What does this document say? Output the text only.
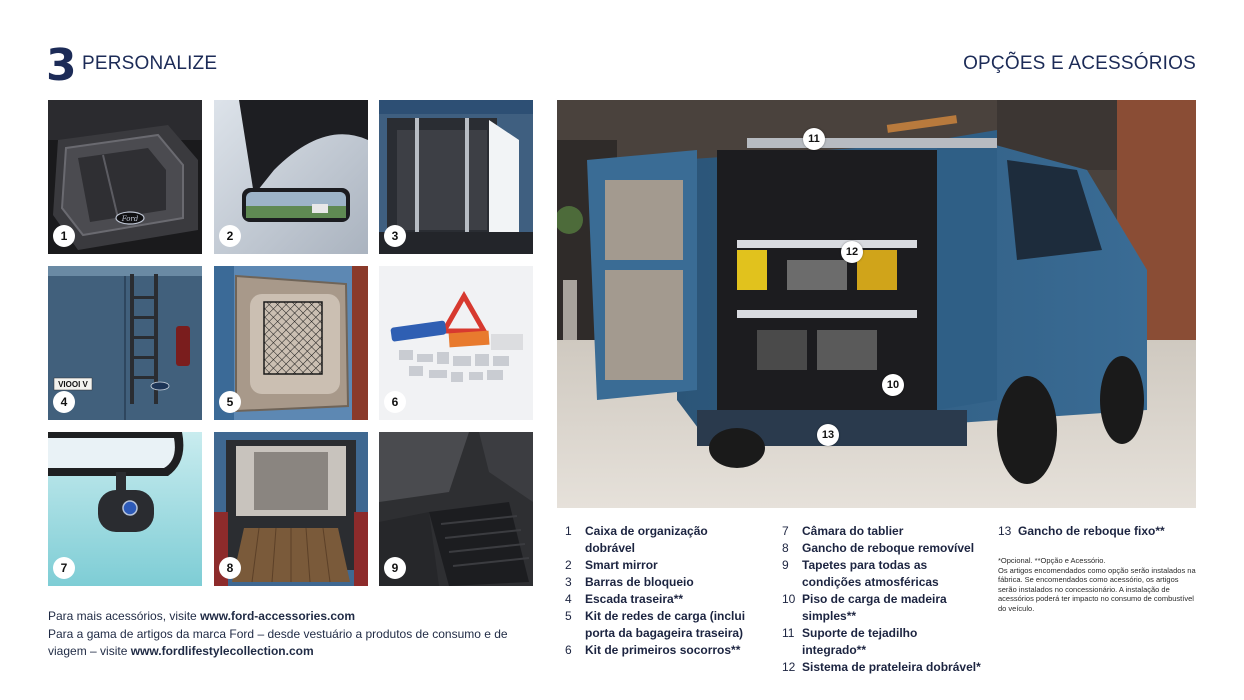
3 PERSONALIZE	OPÇÕES E ACESSÓRIOS
Ford
1	2	3
VIOOI V
4	5	6
7	8	9
11
12
10
13

Para mais acessórios, visite www.ford-accessories.com

Para a gama de artigos da marca Ford – desde vestuário a produtos de consumo e de viagem – visite www.fordlifestylecollection.com

1	Caixa de organização dobrável
2	Smart mirror
3	Barras de bloqueio
4	Escada traseira**
5	Kit de redes de carga (inclui porta da bagageira traseira)
6	Kit de primeiros socorros**
7	Câmara do tablier
8	Gancho de reboque removível
9	Tapetes para todas as condições atmosféricas
10 Piso de carga de madeira simples**
11 Suporte de tejadilho integrado**
12 Sistema de prateleira dobrável*
13 Gancho de reboque fixo**
*Opcional. **Opção e Acessório.
Os artigos encomendados como opção serão instalados na fábrica. Se encomendados como acessório, os artigos serão instalados no concessionário. A instalação de acessórios poderá ter impacto no consumo de combustível do veículo.
